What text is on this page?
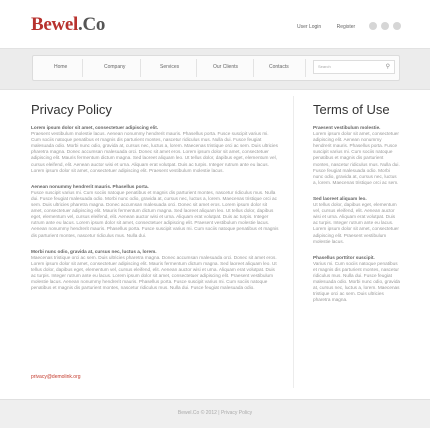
Bewel.Co	User Login	Register
Home	Company	Services	Our Clients	Contacts	Search	⚲
Privacy Policy
Lorem ipsum dolor sit amet, consectetuer adipiscing elit.
Praesent vestibulum molestie lacus. Aenean nonummy hendrerit mauris. Phasellus porta. Fusce suscipit varius mi. Cum sociis natoque penatibus et magnis dis parturient montes, nascetur ridiculus mus. Nulla dui. Fusce feugiat malesuada odio. Morbi nunc odio, gravida at, cursus nec, luctus a, lorem. Maecenas tristique orci ac sem. Duis ultricies pharetra magna. Donec accumsan malesuada orci. Donec sit amet eros. Lorem ipsum dolor sit amet, consectetuer adipiscing elit. Mauris fermentum dictum magna. Sed laoreet aliquam leo. Ut tellus dolor, dapibus eget, elementum vel, cursus eleifend, elit. Aenean auctor wisi et urna. Aliquam erat volutpat. Duis ac turpis. Integer rutrum ante eu lacus. Lorem ipsum dolor sit amet, consectetuer adipiscing elit. Praesent vestibulum molestie lacus.
Aenean nonummy hendrerit mauris. Phasellus porta.
Fusce suscipit varius mi. Cum sociis natoque penatibus et magnis dis parturient montes, nascetur ridiculus mus. Nulla dui. Fusce feugiat malesuada odio. Morbi nunc odio, gravida at, cursus nec, luctus a, lorem. Maecenas tristique orci ac sem. Duis ultricies pharetra magna. Donec accumsan malesuada orci. Donec sit amet eros. Lorem ipsum dolor sit amet, consectetuer adipiscing elit. Mauris fermentum dictum magna. Sed laoreet aliquam leo. Ut tellus dolor, dapibus eget, elementum vel, cursus eleifend, elit. Aenean auctor wisi et urna. Aliquam erat volutpat. Duis ac turpis. Integer rutrum ante eu lacus. Lorem ipsum dolor sit amet, consectetuer adipiscing elit. Praesent vestibulum molestie lacus. Aenean nonummy hendrerit mauris. Phasellus porta. Fusce suscipit varius mi. Cum sociis natoque penatibus et magnis dis parturient montes, nascetur ridiculus mus. Nulla dui.
Morbi nunc odio, gravida at, cursus nec, luctus a, lorem.
Maecenas tristique orci ac sem. Duis ultricies pharetra magna. Donec accumsan malesuada orci. Donec sit amet eros. Lorem ipsum dolor sit amet, consectetuer adipiscing elit. Mauris fermentum dictum magna. Sed laoreet aliquam leo. Ut tellus dolor, dapibus eget, elementum vel, cursus eleifend, elit. Aenean auctor wisi et urna. Aliquam erat volutpat. Duis ac turpis. Integer rutrum ante eu lacus. Lorem ipsum dolor sit amet, consectetuer adipiscing elit. Praesent vestibulum molestie lacus. Aenean nonummy hendrerit mauris. Phasellus porta. Fusce suscipit varius mi. Cum sociis natoque penatibus et magnis dis parturient montes, nascetur ridiculus mus. Nulla dui. Fusce feugiat malesuada odio.
privacy@demolink.org
Terms of Use
Praesent vestibulum molestie.
Lorem ipsum dolor sit amet, consectetuer adipiscing elit. Aenean nonummy hendrerit mauris. Phasellus porta. Fusce suscipit varius mi. Cum sociis natoque penatibus et magnis dis parturient montes, nascetur ridiculus mus. Nulla dui. Fusce feugiat malesuada odio. Morbi nunc odio, gravida at, cursus nec, luctus a, lorem. Maecenas tristique orci ac sem.
Sed laoreet aliquam leo.
Ut tellus dolor, dapibus eget, elementum vel, cursus eleifend, elit. Aenean auctor wisi et urna. Aliquam erat volutpat. Duis ac turpis. Integer rutrum ante eu lacus. Lorem ipsum dolor sit amet, consectetuer adipiscing elit. Praesent vestibulum molestie lacus.
Phasellus porttitor suscipit.
Varius mi. Cum sociis natoque penatibus et magnis dis parturient montes, nascetur ridiculus mus. Nulla dui. Fusce feugiat malesuada odio. Morbi nunc odio, gravida at, cursus nec, luctus a, lorem. Maecenas tristique orci ac sem. Duis ultricies pharetra magna.
Bewel.Co © 2012 | Privacy Policy
